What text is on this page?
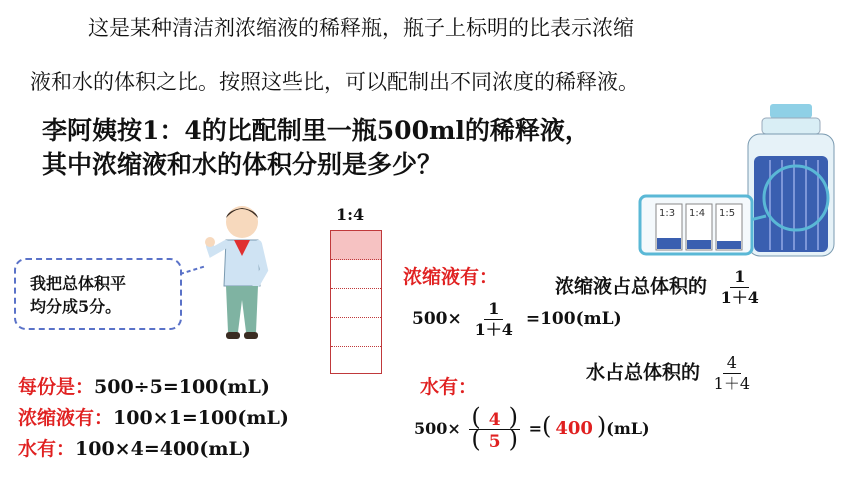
这是某种清洁剂浓缩液的稀释瓶，瓶子上标明的比表示浓缩
液和水的体积之比。按照这些比，可以配制出不同浓度的稀释液。
李阿姨按1：4的比配制里一瓶500ml的稀释液，
其中浓缩液和水的体积分别是多少？
1:3 1:4 1:5
我把总体积平
均分成5分。
1:4
每份是：500÷5=100(mL)
浓缩液有：100×1=100(mL)
水有：100×4=400(mL)
浓缩液有：	浓缩液占总体积的 $\frac{1}{1+4}$
$500\times \frac{1}{1+4} =100(mL)$
水有：
水占总体积的 $\frac{4}{1+4}$
$500\times \frac{( 4 )}{( 5 )}$ =( 400 )(mL)
